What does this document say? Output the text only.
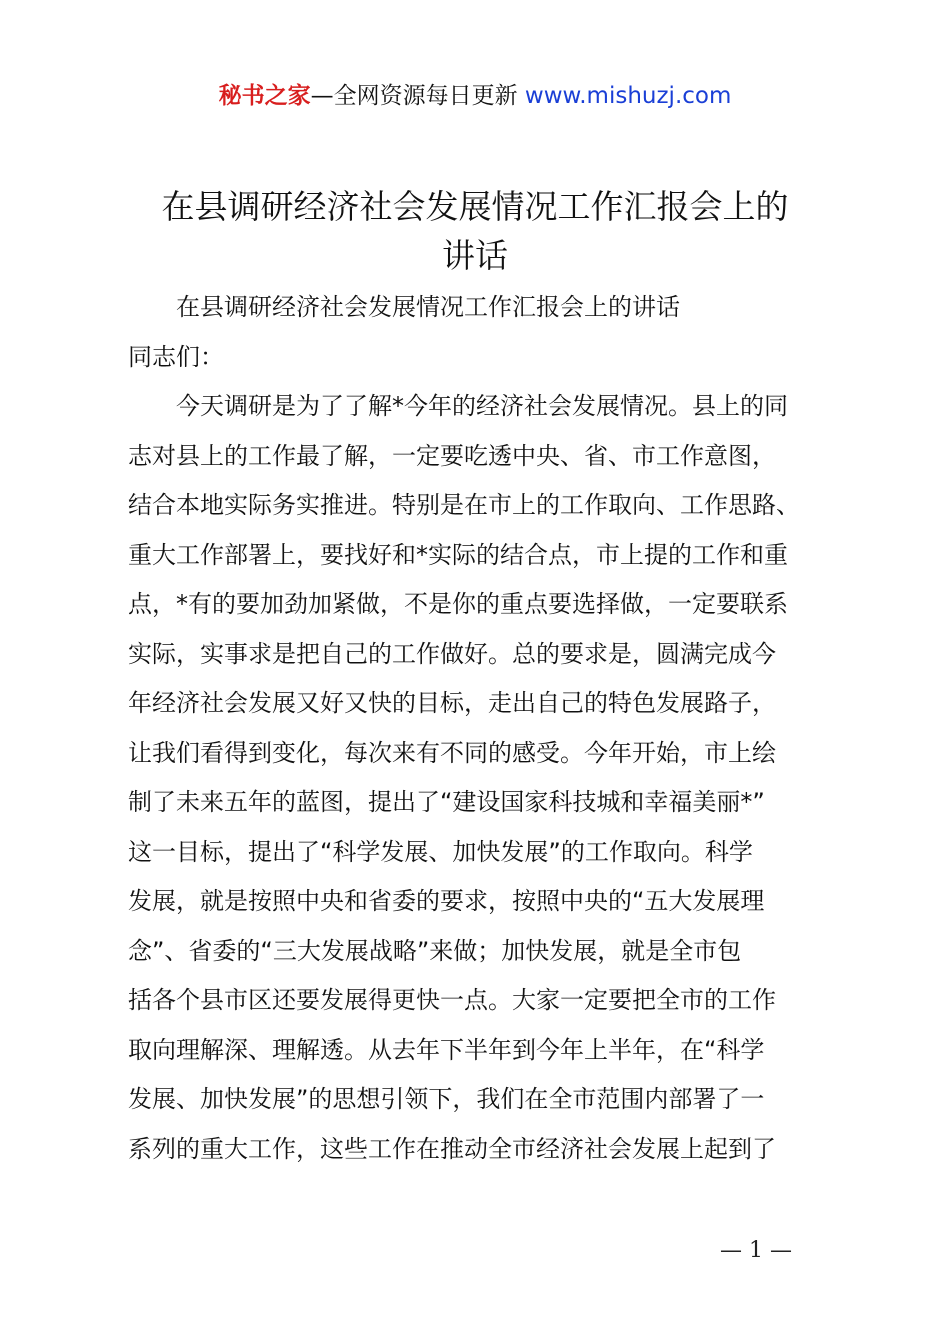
秘书之家—全网资源每日更新 www.mishuzj.com
在县调研经济社会发展情况工作汇报会上的
讲话
在县调研经济社会发展情况工作汇报会上的讲话
同志们：
今天调研是为了了解*今年的经济社会发展情况。县上的同
志对县上的工作最了解，一定要吃透中央、省、市工作意图，
结合本地实际务实推进。特别是在市上的工作取向、工作思路、
重大工作部署上，要找好和*实际的结合点，市上提的工作和重
点，*有的要加劲加紧做，不是你的重点要选择做，一定要联系
实际，实事求是把自己的工作做好。总的要求是，圆满完成今
年经济社会发展又好又快的目标，走出自己的特色发展路子，
让我们看得到变化，每次来有不同的感受。今年开始，市上绘
制了未来五年的蓝图，提出了“建设国家科技城和幸福美丽*”
这一目标，提出了“科学发展、加快发展”的工作取向。科学
发展，就是按照中央和省委的要求，按照中央的“五大发展理
念”、省委的“三大发展战略”来做；加快发展，就是全市包
括各个县市区还要发展得更快一点。大家一定要把全市的工作
取向理解深、理解透。从去年下半年到今年上半年，在“科学
发展、加快发展”的思想引领下，我们在全市范围内部署了一
系列的重大工作，这些工作在推动全市经济社会发展上起到了
— 1 —
